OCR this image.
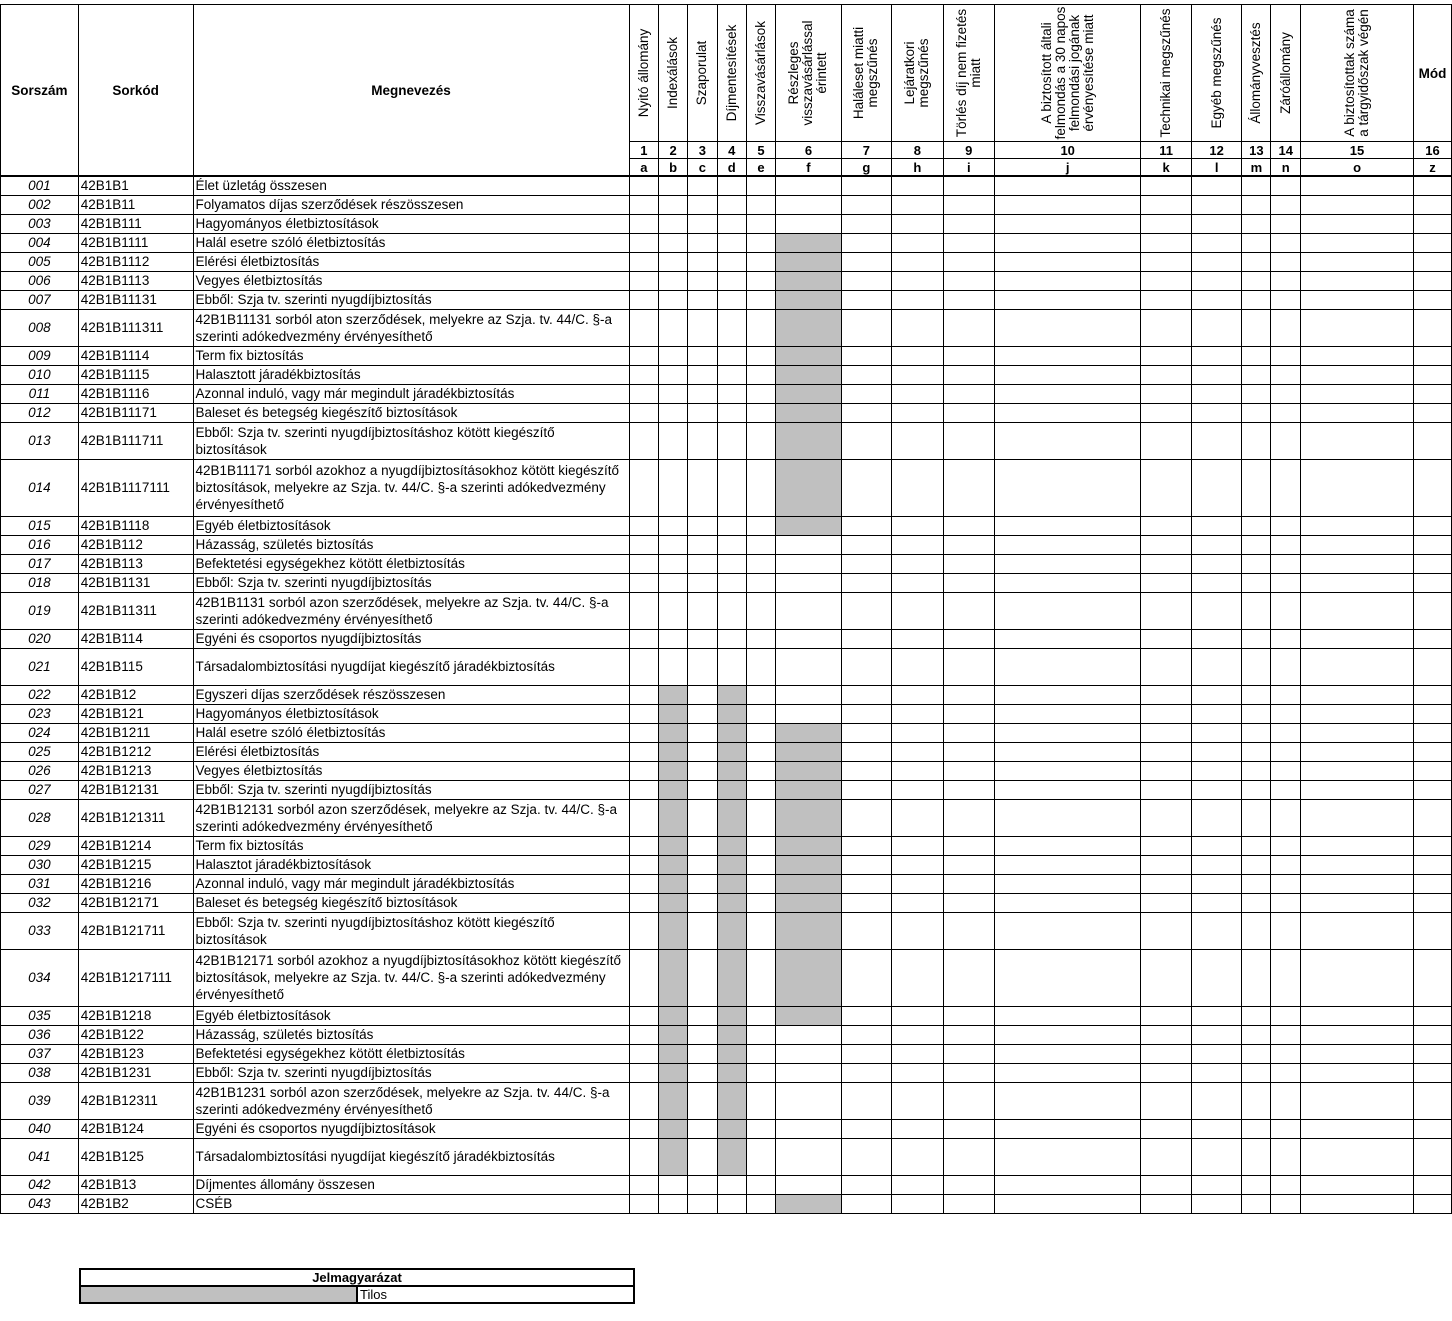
Sorszám	Sorkód	Megnevezés	Nyitó állomány	Indexálások	Szaporulat	Díjmentesítések	Visszavásárlások	Részleges visszavásárlással érintett	Haláleset miatti megszűnés	Lejáratkori megszűnés	Törlés díj nem fizetés miatt	A biztosított általi felmondás a 30 napos felmondási jogának érvényesítése miatt	Technikai megszűnés	Egyéb megszűnés	Állományvesztés	Záróállomány	A biztosítottak száma a tárgyidőszak végén	Mód
			1	2	3	4	5	6	7	8	9	10	11	12	13	14	15	16
			a	b	c	d	e	f	g	h	i	j	k	l	m	n	o	z
001	42B1B1	Élet üzletág összesen																
002	42B1B11	Folyamatos díjas szerződések részösszesen																
003	42B1B111	Hagyományos életbiztosítások																
004	42B1B1111	Halál esetre szóló életbiztosítás																
005	42B1B1112	Elérési életbiztosítás																
006	42B1B1113	Vegyes életbiztosítás																
007	42B1B11131	Ebből: Szja tv. szerinti nyugdíjbiztosítás																
008	42B1B111311	42B1B11131 sorból aton szerződések, melyekre az Szja. tv. 44/C. §-a szerinti adókedvezmény érvényesíthető																
009	42B1B1114	Term fix biztosítás																
010	42B1B1115	Halasztott járadékbiztosítás																
011	42B1B1116	Azonnal induló, vagy már megindult járadékbiztosítás																
012	42B1B11171	Baleset és betegség kiegészítő biztosítások																
013	42B1B111711	Ebből: Szja tv. szerinti nyugdíjbiztosításhoz kötött kiegészítő biztosítások																
014	42B1B1117111	42B1B11171 sorból azokhoz a nyugdíjbiztosításokhoz kötött kiegészítő biztosítások, melyekre az Szja. tv. 44/C. §-a szerinti adókedvezmény érvényesíthető																
015	42B1B1118	Egyéb életbiztosítások																
016	42B1B112	Házasság, születés biztosítás																
017	42B1B113	Befektetési egységekhez kötött életbiztosítás																
018	42B1B1131	Ebből: Szja tv. szerinti nyugdíjbiztosítás																
019	42B1B11311	42B1B1131 sorból azon szerződések, melyekre az Szja. tv. 44/C. §-a szerinti adókedvezmény érvényesíthető																
020	42B1B114	Egyéni és csoportos nyugdíjbiztosítás																
021	42B1B115	Társadalombiztosítási nyugdíjat kiegészítő járadékbiztosítás																
022	42B1B12	Egyszeri díjas szerződések részösszesen																
023	42B1B121	Hagyományos életbiztosítások																
024	42B1B1211	Halál esetre szóló életbiztosítás																
025	42B1B1212	Elérési életbiztosítás																
026	42B1B1213	Vegyes életbiztosítás																
027	42B1B12131	Ebből: Szja tv. szerinti nyugdíjbiztosítás																
028	42B1B121311	42B1B12131 sorból azon szerződések, melyekre az Szja. tv. 44/C. §-a szerinti adókedvezmény érvényesíthető																
029	42B1B1214	Term fix biztosítás																
030	42B1B1215	Halasztot járadékbiztosítások																
031	42B1B1216	Azonnal induló, vagy már megindult járadékbiztosítás																
032	42B1B12171	Baleset és betegség kiegészítő biztosítások																
033	42B1B121711	Ebből: Szja tv. szerinti nyugdíjbiztosításhoz kötött kiegészítő biztosítások																
034	42B1B1217111	42B1B12171 sorból azokhoz a nyugdíjbiztosításokhoz kötött kiegészítő biztosítások, melyekre az Szja. tv. 44/C. §-a szerinti adókedvezmény érvényesíthető																
035	42B1B1218	Egyéb életbiztosítások																
036	42B1B122	Házasság, születés biztosítás																
037	42B1B123	Befektetési egységekhez kötött életbiztosítás																
038	42B1B1231	Ebből: Szja tv. szerinti nyugdíjbiztosítás																
039	42B1B12311	42B1B1231 sorból azon szerződések, melyekre az Szja. tv. 44/C. §-a szerinti adókedvezmény érvényesíthető																
040	42B1B124	Egyéni és csoportos nyugdíjbiztosítások																
041	42B1B125	Társadalombiztosítási nyugdíjat kiegészítő járadékbiztosítás																
042	42B1B13	Díjmentes állomány összesen																
043	42B1B2	CSÉB																
Jelmagyarázat
	Tilos
